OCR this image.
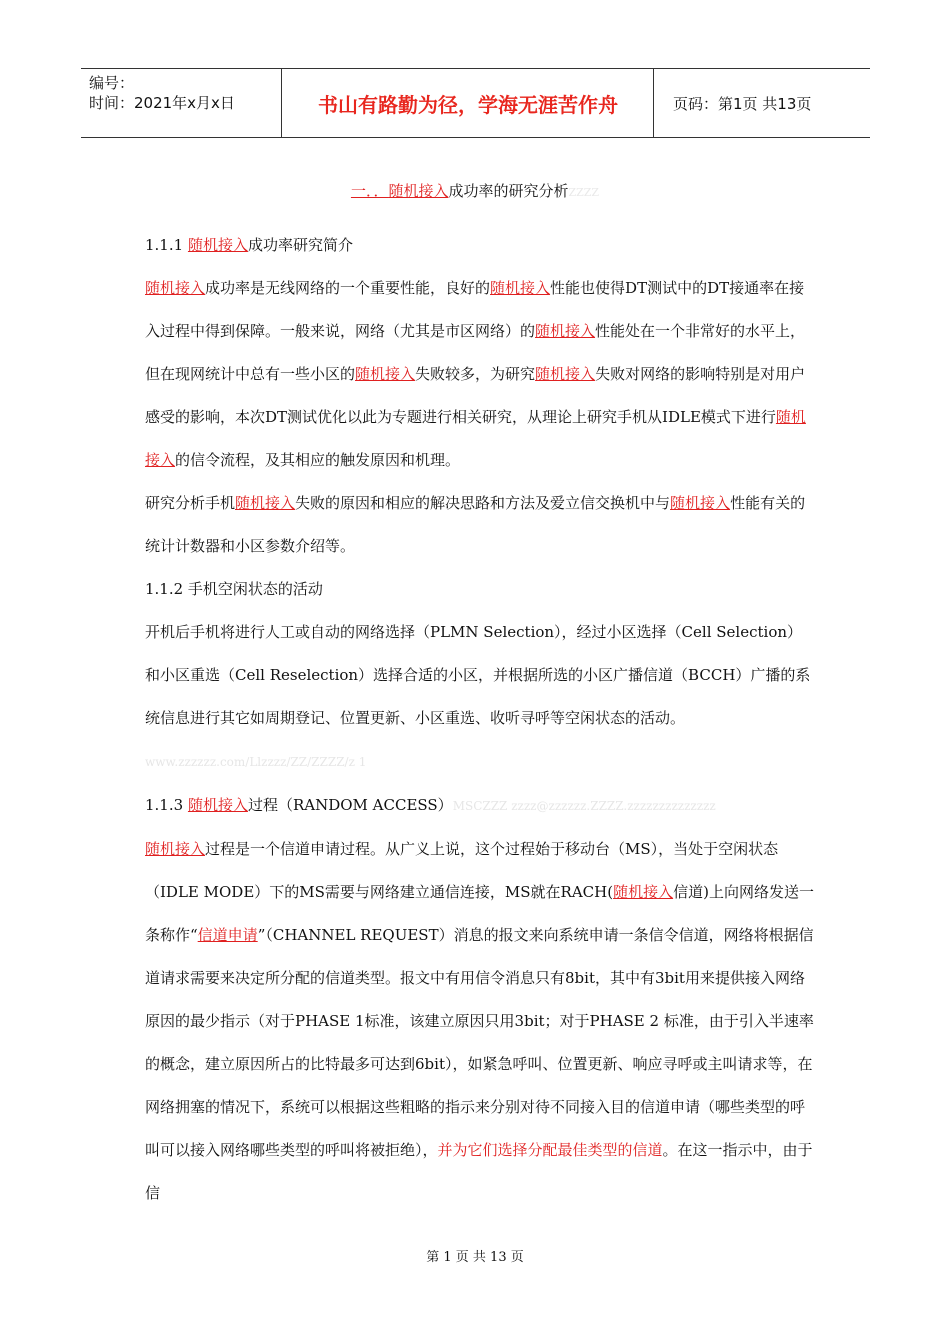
编号：
时间：2021年x月x日	书山有路勤为径，学海无涯苦作舟	页码：第1页 共13页
一．．随机接入成功率的研究分析ZZZZ

1.1.1 随机接入成功率研究简介

随机接入成功率是无线网络的一个重要性能，良好的随机接入性能也使得DT测试中的DT接通率在接入过程中得到保障。一般来说，网络（尤其是市区网络）的随机接入性能处在一个非常好的水平上，但在现网统计中总有一些小区的随机接入失败较多，为研究随机接入失败对网络的影响特别是对用户感受的影响，本次DT测试优化以此为专题进行相关研究，从理论上研究手机从IDLE模式下进行随机接入的信令流程，及其相应的触发原因和机理。

研究分析手机随机接入失败的原因和相应的解决思路和方法及爱立信交换机中与随机接入性能有关的统计计数器和小区参数介绍等。

1.1.2 手机空闲状态的活动

开机后手机将进行人工或自动的网络选择（PLMN Selection），经过小区选择（Cell Selection）和小区重选（Cell Reselection）选择合适的小区，并根据所选的小区广播信道（BCCH）广播的系统信息进行其它如周期登记、位置更新、小区重选、收听寻呼等空闲状态的活动。www.zzzzzz.com/Llzzzz/ZZ/ZZZZ/z 1

1.1.3 随机接入过程（RANDOM ACCESS）MSCZZZ zzzz@zzzzzz.ZZZZ.zzzzzzzzzzzzzz

随机接入过程是一个信道申请过程。从广义上说，这个过程始于移动台（MS），当处于空闲状态（IDLE MODE）下的MS需要与网络建立通信连接，MS就在RACH(随机接入信道)上向网络发送一条称作“信道申请”（CHANNEL REQUEST）消息的报文来向系统申请一条信令信道，网络将根据信道请求需要来决定所分配的信道类型。报文中有用信令消息只有8bit，其中有3bit用来提供接入网络原因的最少指示（对于PHASE 1标准，该建立原因只用3bit；对于PHASE 2 标准，由于引入半速率的概念，建立原因所占的比特最多可达到6bit），如紧急呼叫、位置更新、响应寻呼或主叫请求等，在网络拥塞的情况下，系统可以根据这些粗略的指示来分别对待不同接入目的信道申请（哪些类型的呼叫可以接入网络哪些类型的呼叫将被拒绝），并为它们选择分配最佳类型的信道。在这一指示中，由于信

第 1 页 共 13 页
